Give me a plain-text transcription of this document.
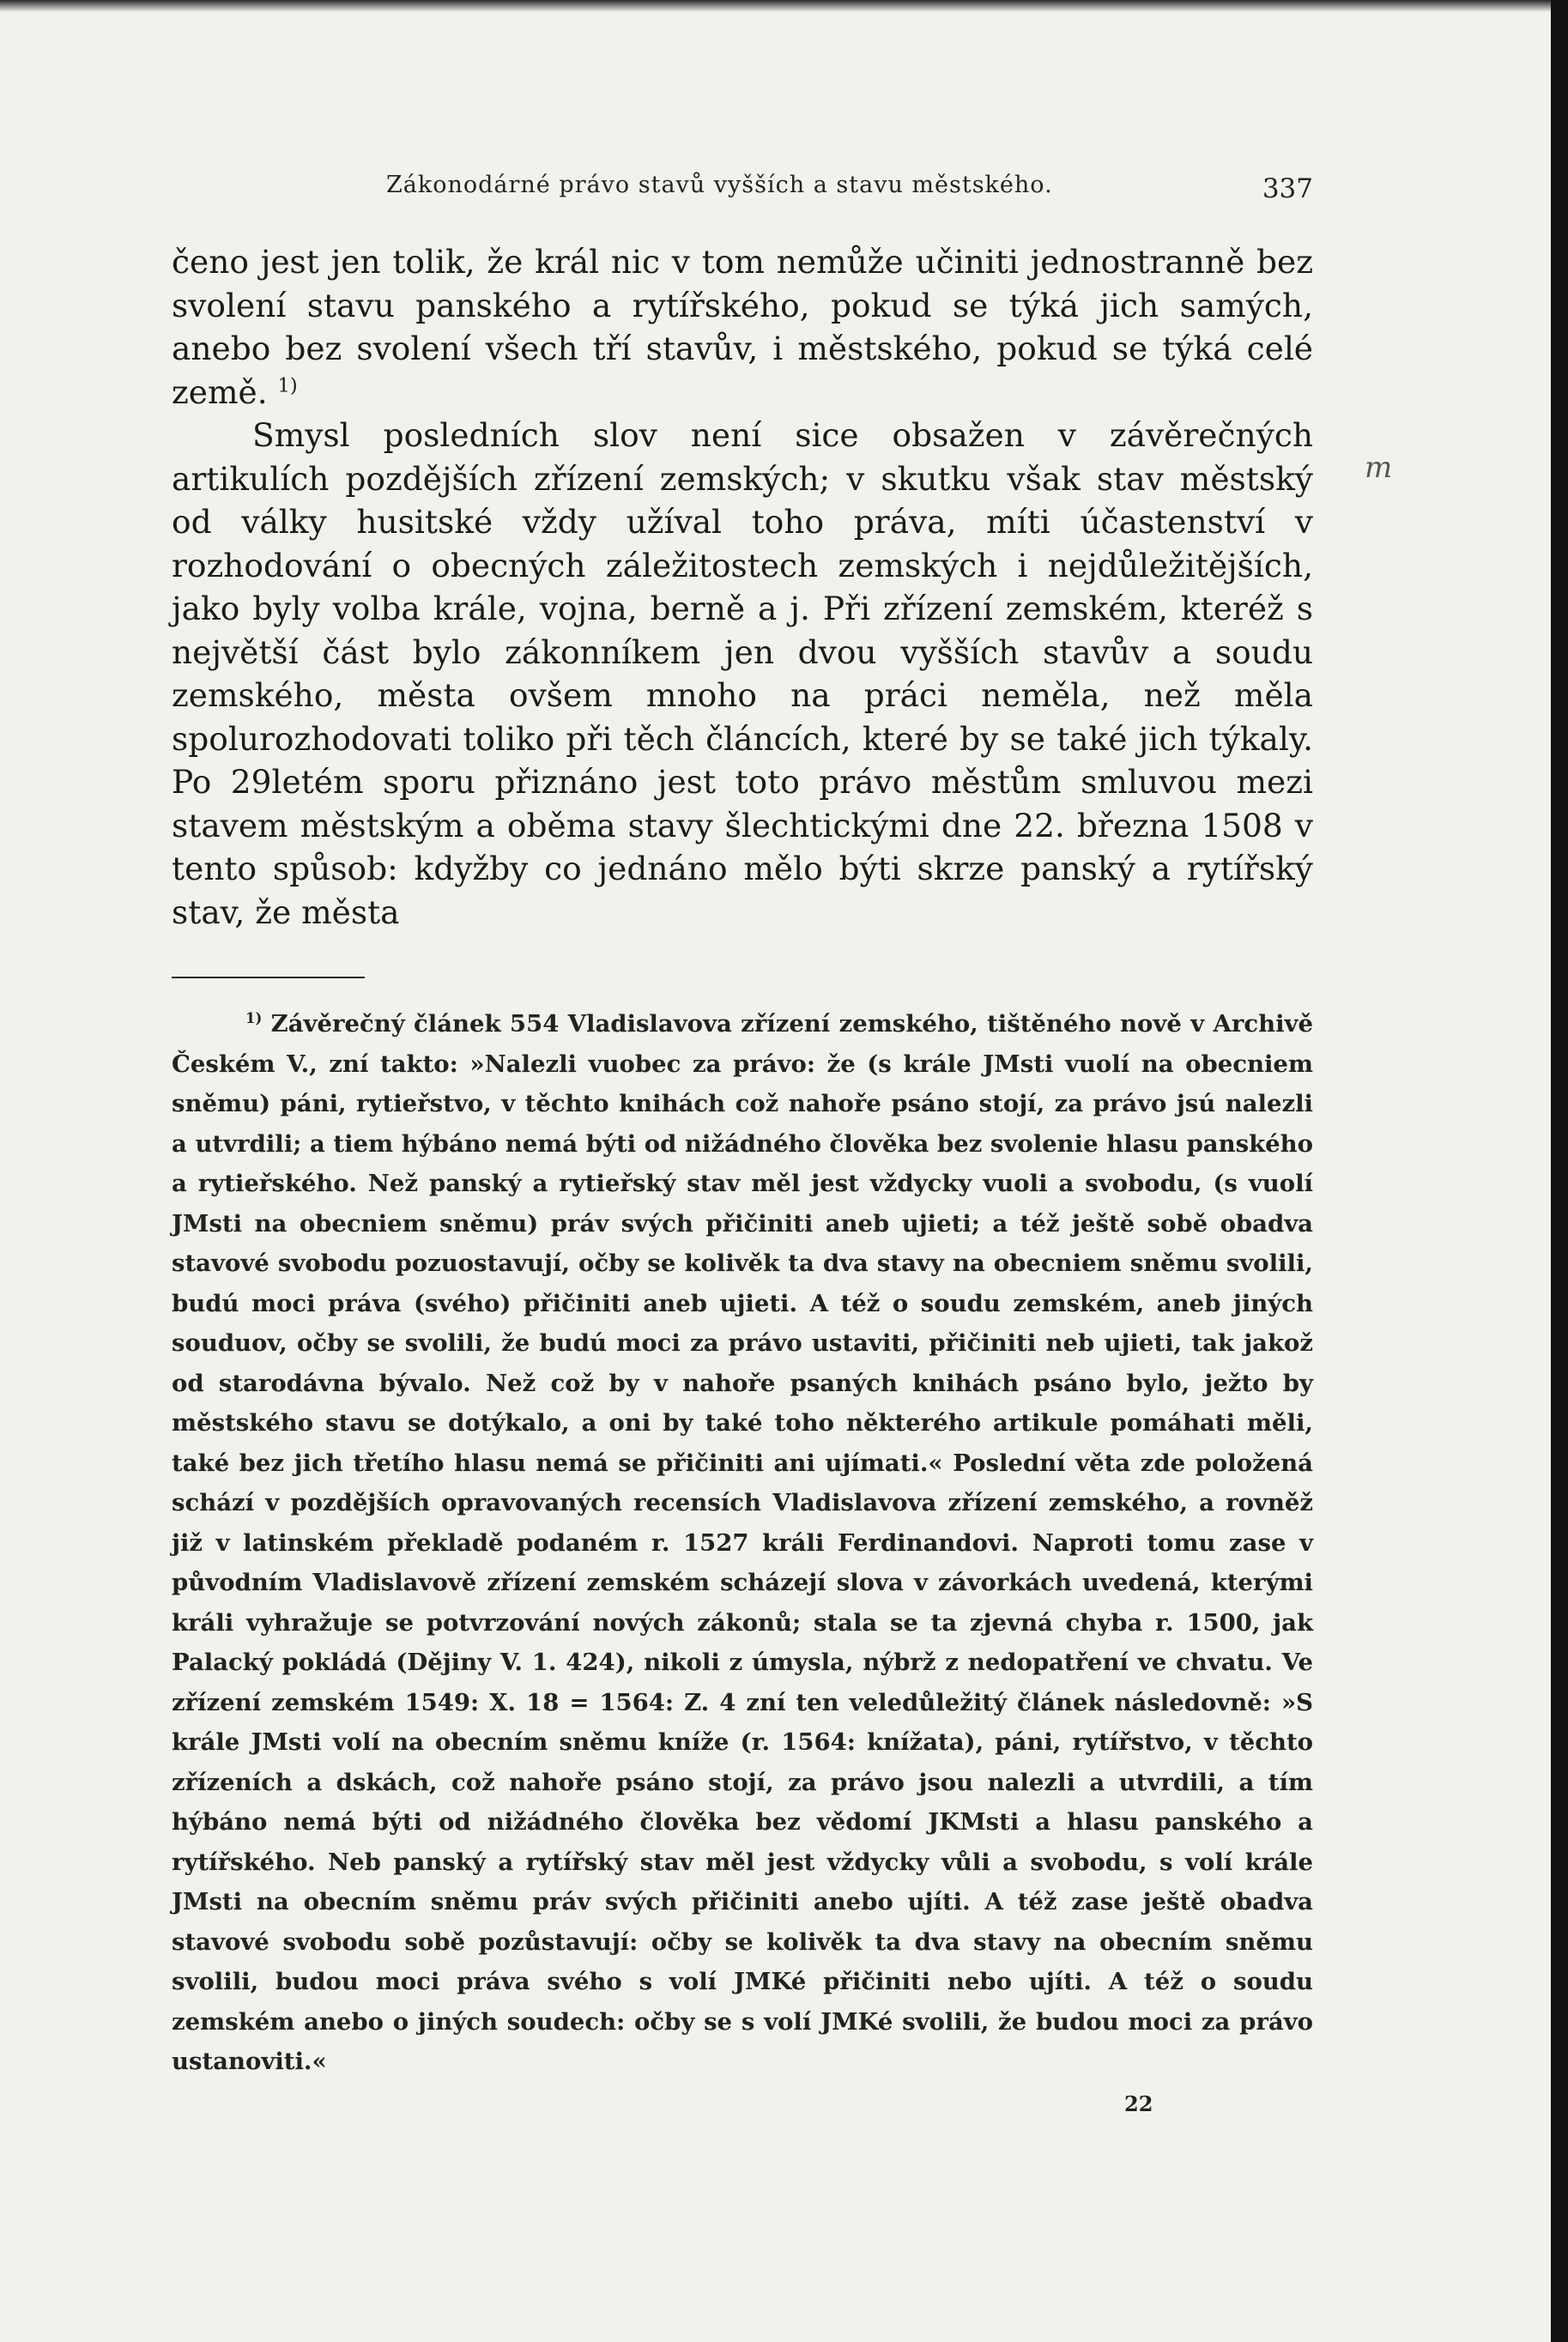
Zákonodárné právo stavů vyšších a stavu městského.	337

čeno jest jen tolik, že král nic v tom nemůže učiniti jednostranně bez svolení stavu panského a rytířského, pokud se týká jich samých, anebo bez svolení všech tří stavův, i městského, pokud se týká celé země. $^{1)}$

Smysl posledních slov není sice obsažen v závěrečných artikulích pozdějších zřízení zemských; v skutku však stav městský od války husitské vždy užíval toho práva, míti účastenství v rozhodování o obecných záležitostech zemských i nejdůležitějších, jako byly volba krále, vojna, berně a j. Při zřízení zemském, kteréž s největší část bylo zákonníkem jen dvou vyšších stavův a soudu zemského, města ovšem mnoho na práci neměla, než měla spolurozhodovati toliko při těch článcích, které by se také jich týkaly. Po 29letém sporu přiznáno jest toto právo městům smluvou mezi stavem městským a oběma stavy šlechtickými dne 22. března 1508 v tento spůsob: kdyžby co jednáno mělo býti skrze panský a rytířský stav, že města

$^{1)}$ Závěrečný článek 554 Vladislavova zřízení zemského, tištěného nově v Archivě Českém V., zní takto: »Nalezli vuobec za právo: že (s krále JMsti vuolí na obecniem sněmu) páni, rytieřstvo, v těchto knihách což nahoře psáno stojí, za právo jsú nalezli a utvrdili; a tiem hýbáno nemá býti od nižádného člověka bez svolenie hlasu panského a rytieřského. Než panský a rytieřský stav měl jest vždycky vuoli a svobodu, (s vuolí JMsti na obecniem sněmu) práv svých přičiniti aneb ujieti; a též ještě sobě obadva stavové svobodu pozuostavují, očby se kolivěk ta dva stavy na obecniem sněmu svolili, budú moci práva (svého) přičiniti aneb ujieti. A též o soudu zemském, aneb jiných souduov, očby se svolili, že budú moci za právo ustaviti, přičiniti neb ujieti, tak jakož od starodávna bývalo. Než což by v nahoře psaných knihách psáno bylo, ježto by městského stavu se dotýkalo, a oni by také toho některého artikule pomáhati měli, také bez jich třetího hlasu nemá se přičiniti ani ujímati.« Poslední věta zde položená schází v pozdějších opravovaných recensích Vladislavova zřízení zemského, a rovněž již v latinském překladě podaném r. 1527 králi Ferdinandovi. Naproti tomu zase v původním Vladislavově zřízení zemském scházejí slova v závorkách uvedená, kterými králi vyhražuje se potvrzování nových zákonů; stala se ta zjevná chyba r. 1500, jak Palacký pokládá (Dějiny V. 1. 424), nikoli z úmysla, nýbrž z nedopatření ve chvatu. Ve zřízení zemském 1549: X. 18 = 1564: Z. 4 zní ten veledůležitý článek následovně: »S krále JMsti volí na obecním sněmu kníže (r. 1564: knížata), páni, rytířstvo, v těchto zřízeních a dskách, což nahoře psáno stojí, za právo jsou nalezli a utvrdili, a tím hýbáno nemá býti od nižádného člověka bez vědomí JKMsti a hlasu panského a rytířského. Neb panský a rytířský stav měl jest vždycky vůli a svobodu, s volí krále JMsti na obecním sněmu práv svých přičiniti anebo ujíti. A též zase ještě obadva stavové svobodu sobě pozůstavují: očby se kolivěk ta dva stavy na obecním sněmu svolili, budou moci práva svého s volí JMKé přičiniti nebo ujíti. A též o soudu zemském anebo o jiných soudech: očby se s volí JMKé svolili, že budou moci za právo ustanoviti.«

m
22
